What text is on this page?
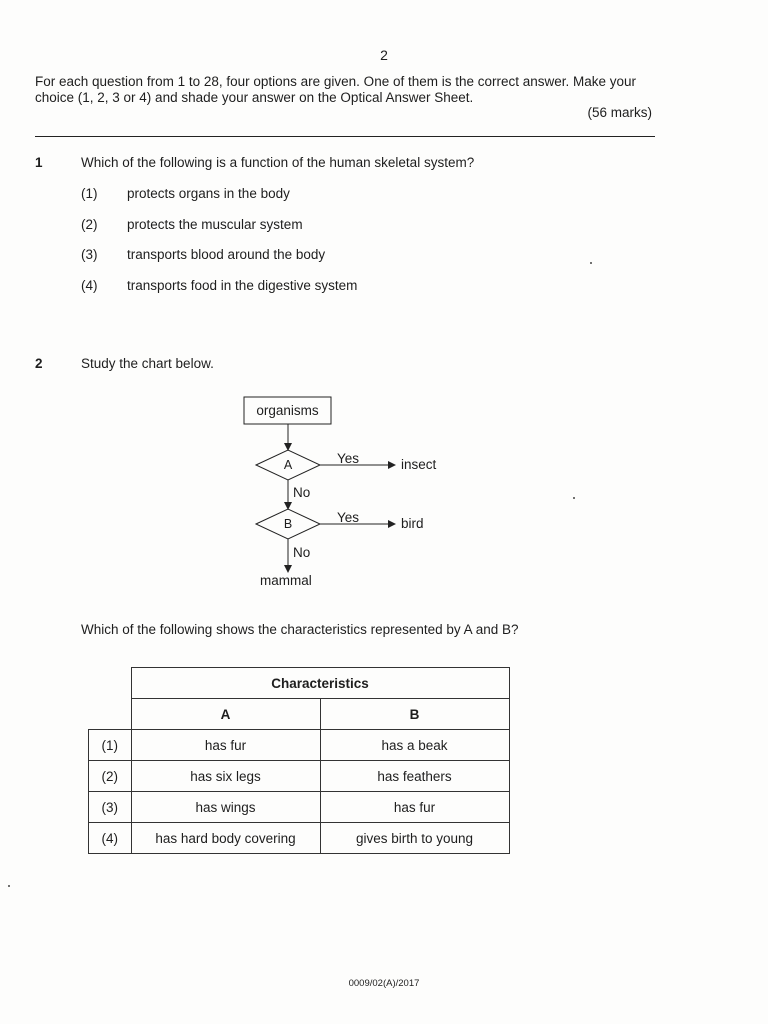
2
For each question from 1 to 28, four options are given. One of them is the correct answer. Make your choice (1, 2, 3 or 4) and shade your answer on the Optical Answer Sheet.
(56 marks)
1	Which of the following is a function of the human skeletal system?
(1) protects organs in the body
(2) protects the muscular system
(3) transports blood around the body
(4) transports food in the digestive system
2	Study the chart below.
organisms
A
B
Yes
Yes
insect
bird
No
No
mammal
Which of the following shows the characteristics represented by A and B?
	Characteristics	
	A	B
(1)	has fur	has a beak
(2)	has six legs	has feathers
(3)	has wings	has fur
(4)	has hard body covering	gives birth to young
0009/02(A)/2017
